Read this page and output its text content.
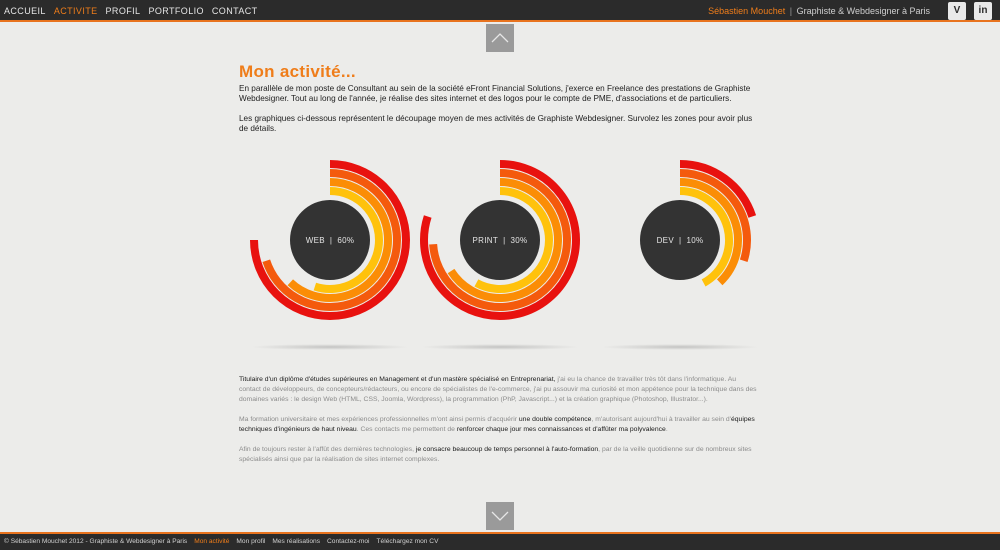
ACCUEIL ACTIVITE PROFIL PORTFOLIO CONTACT	Sébastien Mouchet | Graphiste & Webdesigner à Paris	V	in
Mon activité...

En parallèle de mon poste de Consultant au sein de la société eFront Financial Solutions, j'exerce en Freelance des prestations de Graphiste Webdesigner. Tout au long de l'année, je réalise des sites internet et des logos pour le compte de PME, d'associations et de particuliers.

Les graphiques ci-dessous représentent le découpage moyen de mes activités de Graphiste Webdesigner. Survolez les zones pour avoir plus de détails.

WEB
|
60%	PRINT
|
30%	DEV
|
10%

Titulaire d'un diplôme d'études supérieures en Management et d'un mastère spécialisé en Entreprenariat, j'ai eu la chance de travailler très tôt dans l'informatique. Au contact de développeurs, de concepteurs/rédacteurs, ou encore de spécialistes de l'e-commerce, j'ai pu assouvir ma curiosité et mon appétence pour la technique dans des domaines variés : le design Web (HTML, CSS, Joomla, Wordpress), la programmation (PhP, Javascript...) et la création graphique (Photoshop, Illustrator...).

Ma formation universitaire et mes expériences professionnelles m'ont ainsi permis d'acquérir une double compétence, m'autorisant aujourd'hui à travailler au sein d'équipes techniques d'ingénieurs de haut niveau. Ces contacts me permettent de renforcer chaque jour mes connaissances et d'affûter ma polyvalence.

Afin de toujours rester à l'affût des dernières technologies, je consacre beaucoup de temps personnel à l'auto-formation, par de la veille quotidienne sur de nombreux sites spécialisés ainsi que par la réalisation de sites internet complexes.

© Sébastien Mouchet 2012 - Graphiste & Webdesigner à Paris Mon activité Mon profil Mes réalisations Contactez-moi Téléchargez mon CV
